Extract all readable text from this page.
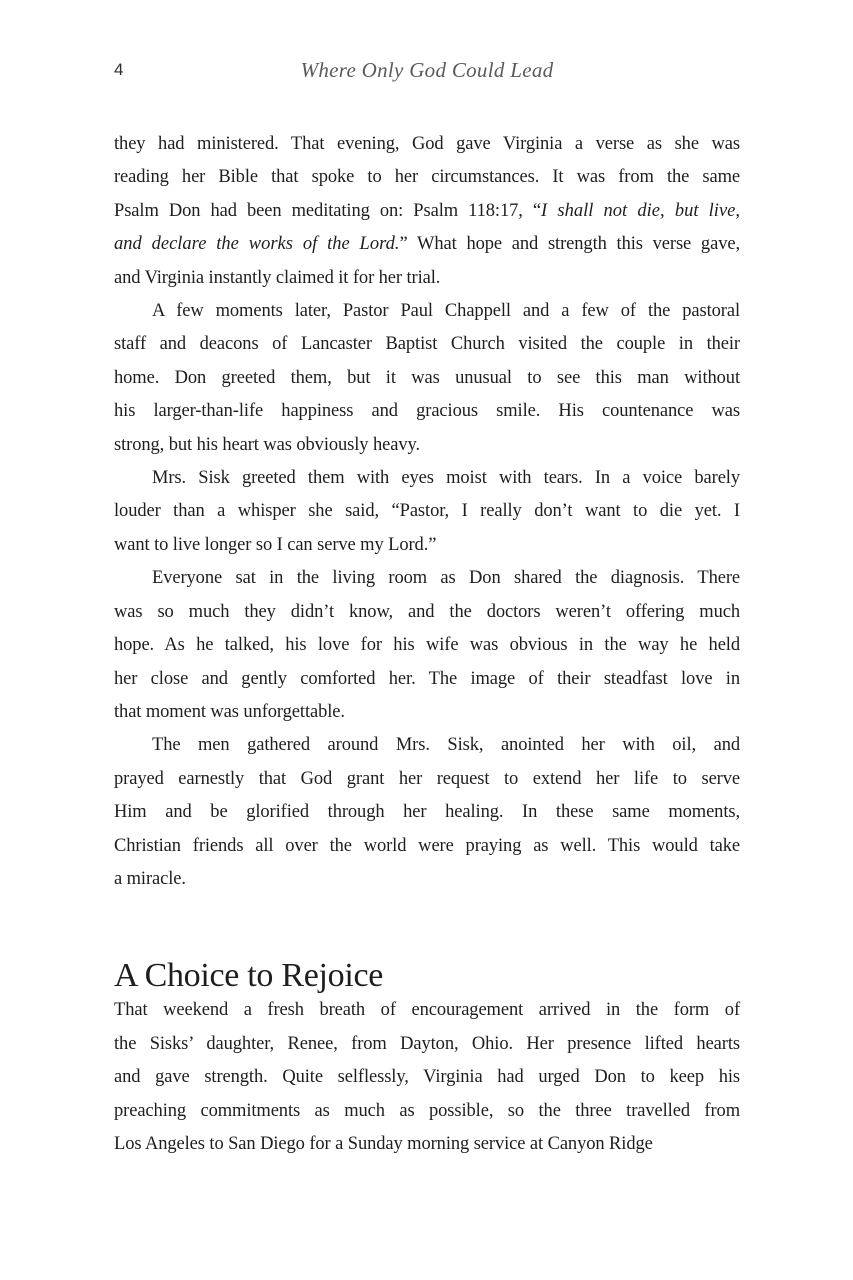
4	Where Only God Could Lead
they had ministered. That evening, God gave Virginia a verse as she was
reading her Bible that spoke to her circumstances. It was from the same
Psalm Don had been meditating on: Psalm 118:17, “I shall not die, but live,
and declare the works of the Lord.” What hope and strength this verse gave,
and Virginia instantly claimed it for her trial.
A few moments later, Pastor Paul Chappell and a few of the pastoral
staff and deacons of Lancaster Baptist Church visited the couple in their
home. Don greeted them, but it was unusual to see this man without
his larger-than-life happiness and gracious smile. His countenance was
strong, but his heart was obviously heavy.
Mrs. Sisk greeted them with eyes moist with tears. In a voice barely
louder than a whisper she said, “Pastor, I really don’t want to die yet. I
want to live longer so I can serve my Lord.”
Everyone sat in the living room as Don shared the diagnosis. There
was so much they didn’t know, and the doctors weren’t offering much
hope. As he talked, his love for his wife was obvious in the way he held
her close and gently comforted her. The image of their steadfast love in
that moment was unforgettable.
The men gathered around Mrs. Sisk, anointed her with oil, and
prayed earnestly that God grant her request to extend her life to serve
Him and be glorified through her healing. In these same moments,
Christian friends all over the world were praying as well. This would take
a miracle.
A Choice to Rejoice
That weekend a fresh breath of encouragement arrived in the form of
the Sisks’ daughter, Renee, from Dayton, Ohio. Her presence lifted hearts
and gave strength. Quite selflessly, Virginia had urged Don to keep his
preaching commitments as much as possible, so the three travelled from
Los Angeles to San Diego for a Sunday morning service at Canyon Ridge
